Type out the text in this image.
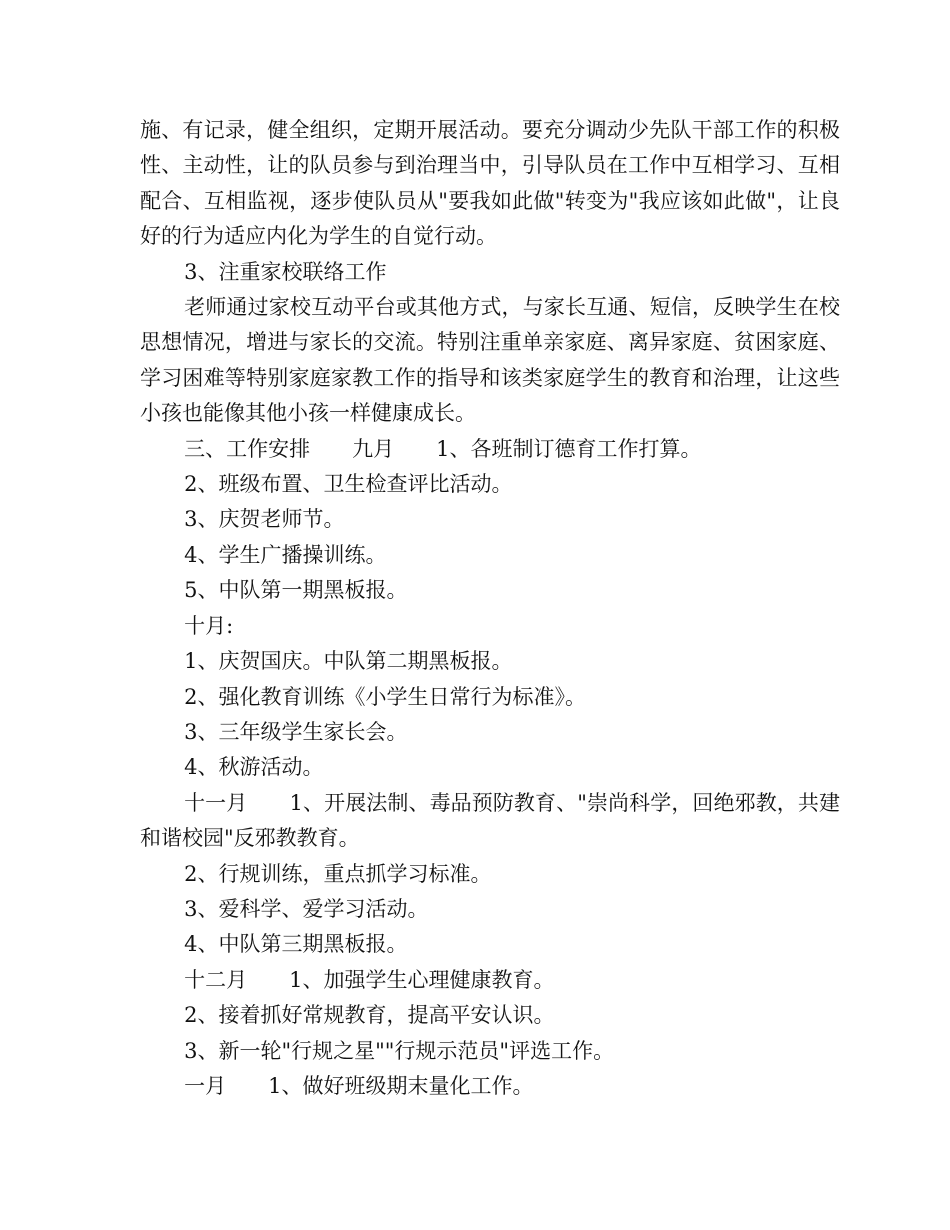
施、有记录，健全组织，定期开展活动。要充分调动少先队干部工作的积极性、主动性，让的队员参与到治理当中，引导队员在工作中互相学习、互相配合、互相监视，逐步使队员从"要我如此做"转变为"我应该如此做"，让良好的行为适应内化为学生的自觉行动。

3、注重家校联络工作

老师通过家校互动平台或其他方式，与家长互通、短信，反映学生在校思想情况，增进与家长的交流。特别注重单亲家庭、离异家庭、贫困家庭、学习困难等特别家庭家教工作的指导和该类家庭学生的教育和治理，让这些小孩也能像其他小孩一样健康成长。

三、工作安排　　九月　　1、各班制订德育工作打算。

2、班级布置、卫生检查评比活动。

3、庆贺老师节。

4、学生广播操训练。

5、中队第一期黑板报。

十月:

1、庆贺国庆。中队第二期黑板报。

2、强化教育训练《小学生日常行为标准》。

3、三年级学生家长会。

4、秋游活动。

十一月　　1、开展法制、毒品预防教育、"崇尚科学，回绝邪教，共建和谐校园"反邪教教育。

2、行规训练，重点抓学习标准。

3、爱科学、爱学习活动。

4、中队第三期黑板报。

十二月　　1、加强学生心理健康教育。

2、接着抓好常规教育，提高平安认识。

3、新一轮"行规之星""行规示范员"评选工作。

一月　　1、做好班级期末量化工作。
